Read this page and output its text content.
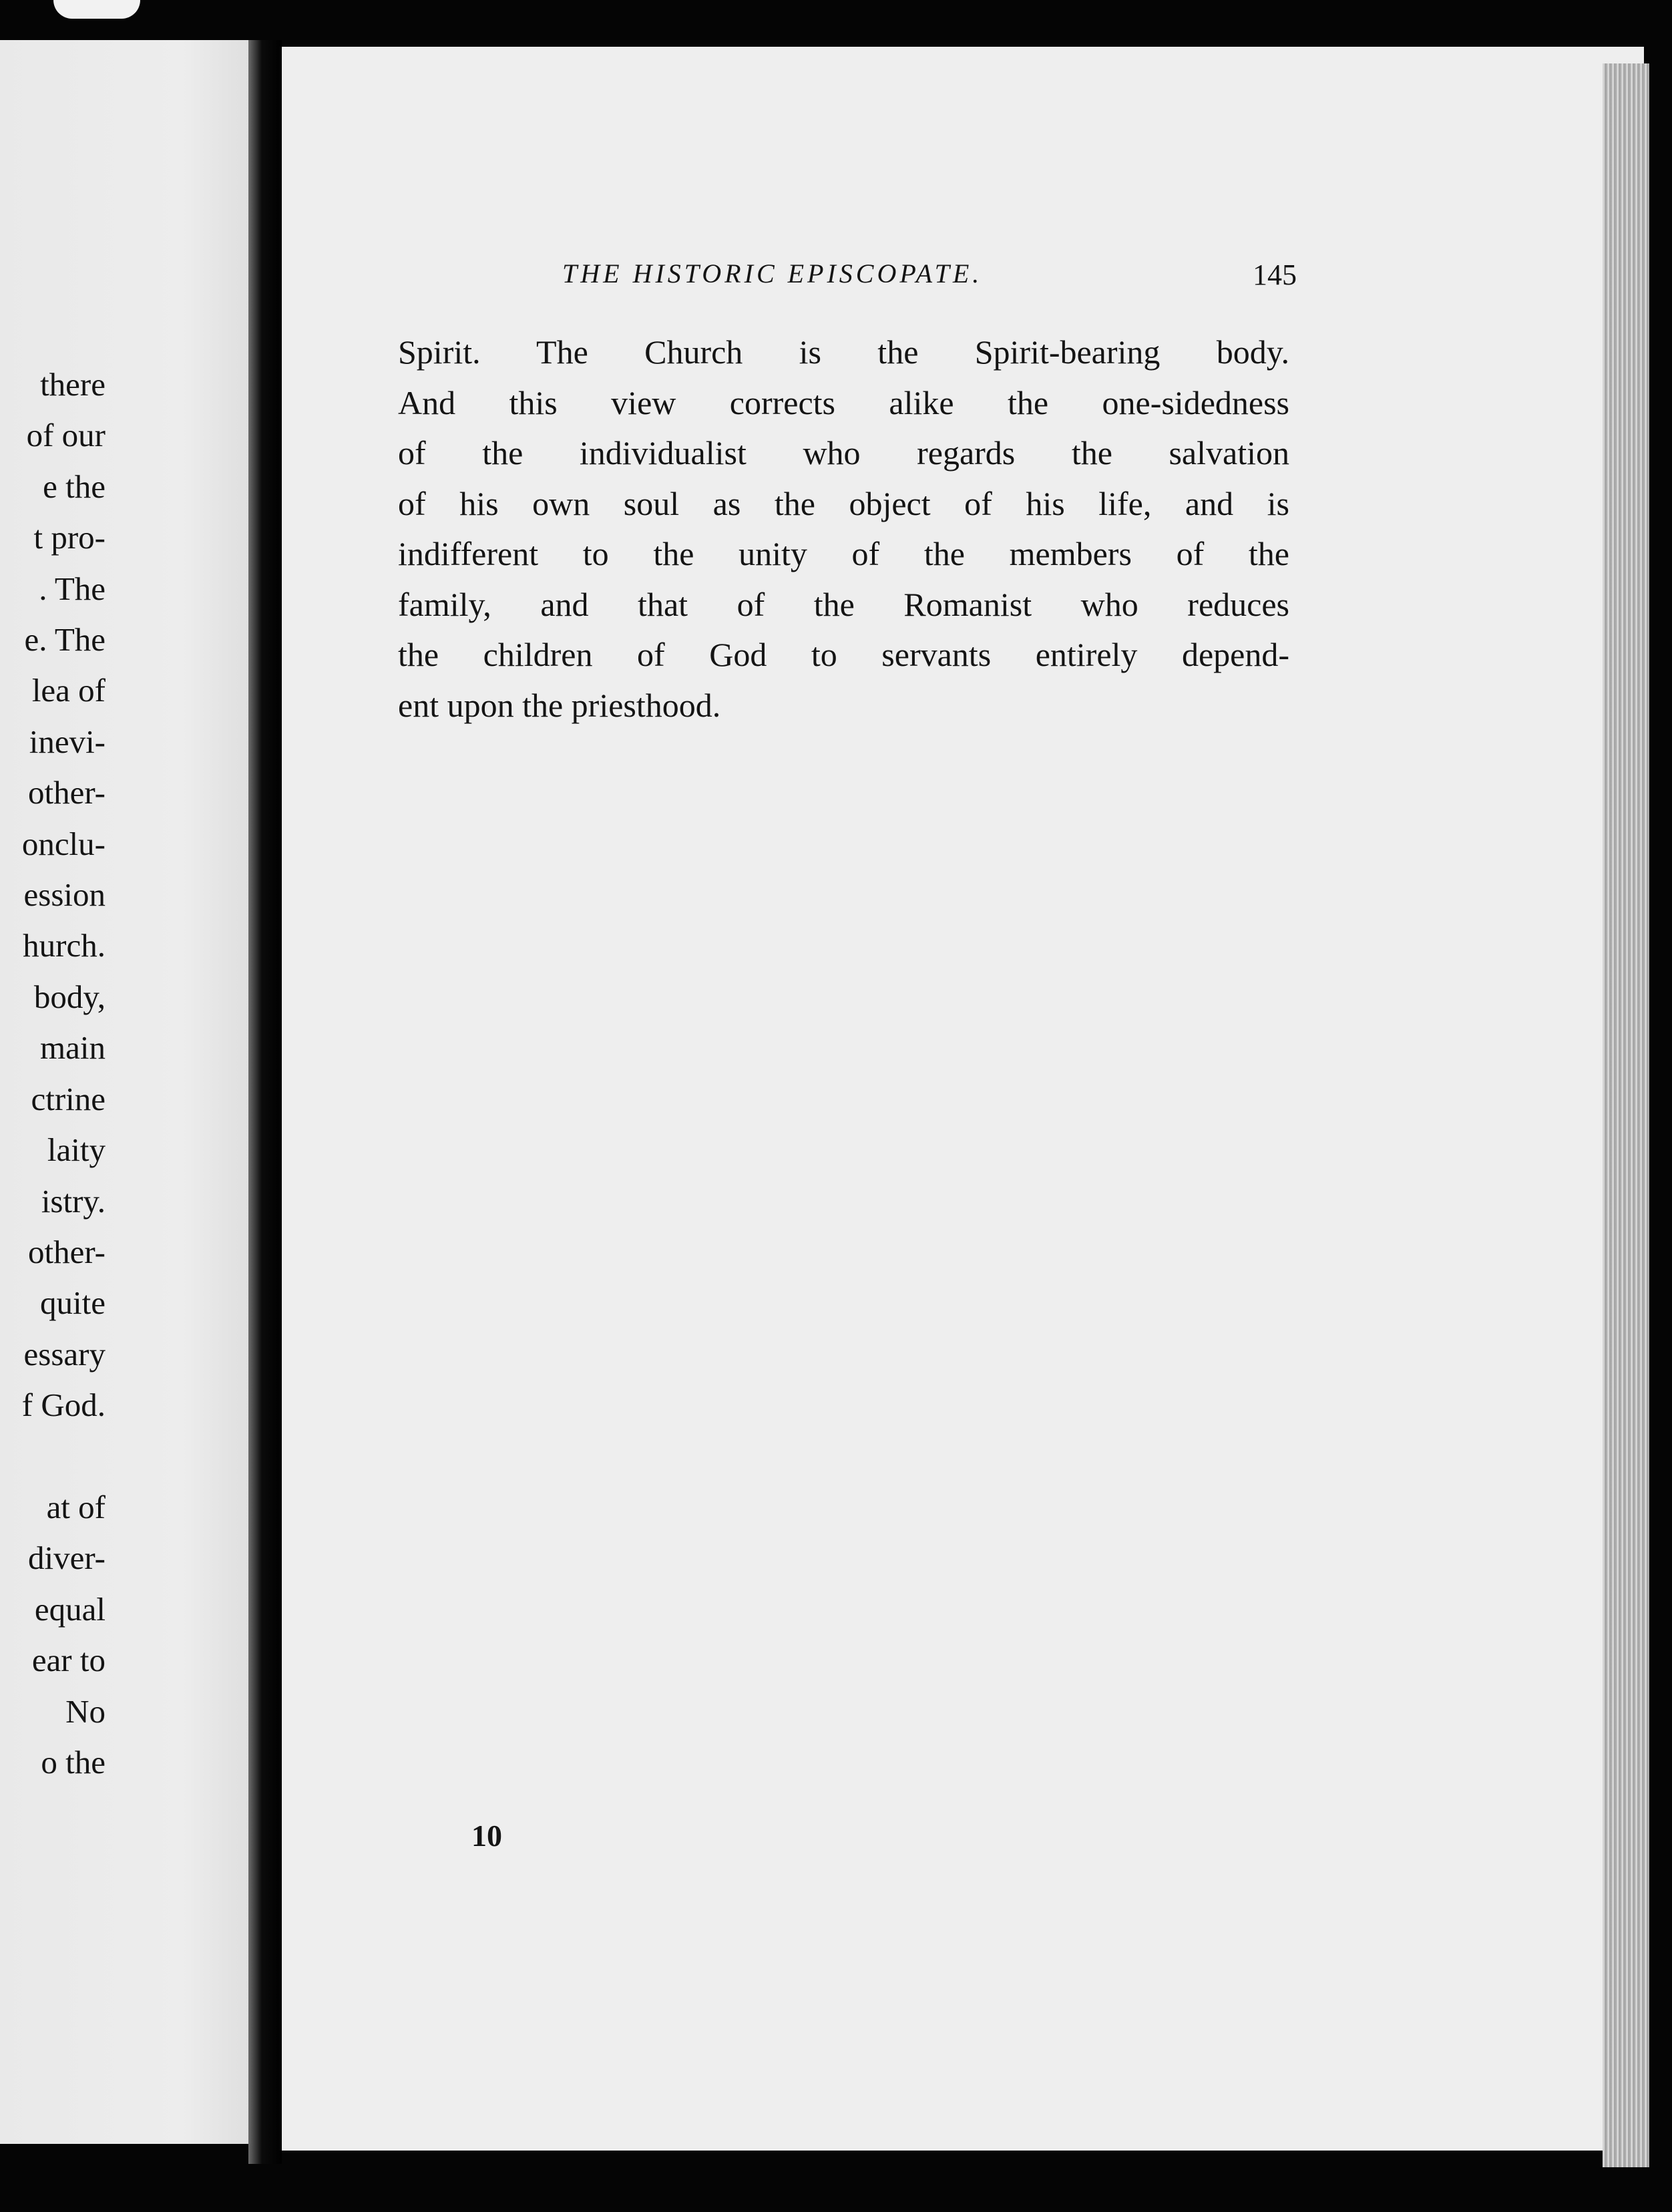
there
of our
e the
t pro-
. The
e. The
lea of
inevi-
other-
onclu-
ession
hurch.
body,
main
ctrine
laity
istry.
other-
quite
essary
f God.
at of
diver-
equal
ear to
No
o the
THE HISTORIC EPISCOPATE.	145
Spirit. The Church is the Spirit-bearing body.
And this view corrects alike the one-sidedness
of the individualist who regards the salvation
of his own soul as the object of his life, and is
indifferent to the unity of the members of the
family, and that of the Romanist who reduces
the children of God to servants entirely depend-
ent upon the priesthood.
10
